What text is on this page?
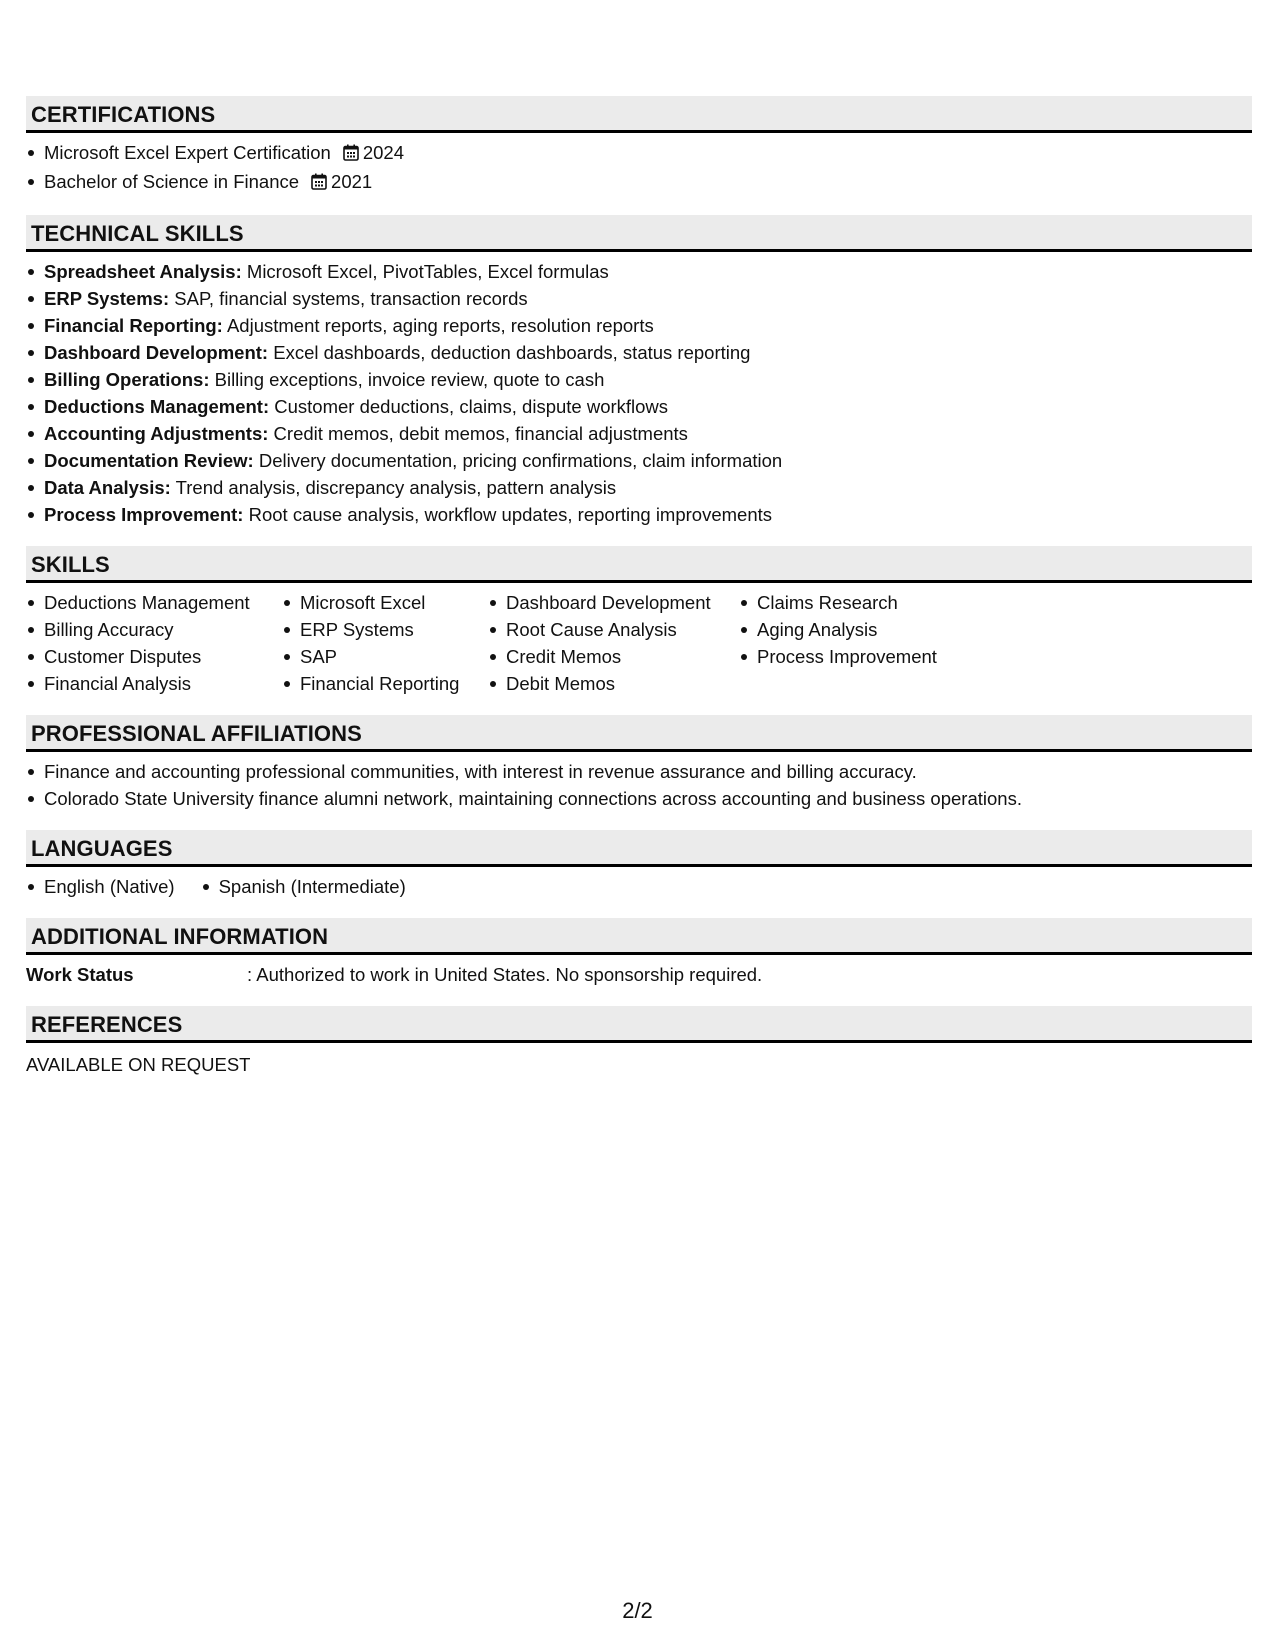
CERTIFICATIONS
Microsoft Excel Expert Certification 2024
Bachelor of Science in Finance 2021
TECHNICAL SKILLS
Spreadsheet Analysis: Microsoft Excel, PivotTables, Excel formulas
ERP Systems: SAP, financial systems, transaction records
Financial Reporting: Adjustment reports, aging reports, resolution reports
Dashboard Development: Excel dashboards, deduction dashboards, status reporting
Billing Operations: Billing exceptions, invoice review, quote to cash
Deductions Management: Customer deductions, claims, dispute workflows
Accounting Adjustments: Credit memos, debit memos, financial adjustments
Documentation Review: Delivery documentation, pricing confirmations, claim information
Data Analysis: Trend analysis, discrepancy analysis, pattern analysis
Process Improvement: Root cause analysis, workflow updates, reporting improvements
SKILLS
Deductions Management
Billing Accuracy
Customer Disputes
Financial Analysis
Microsoft Excel
ERP Systems
SAP
Financial Reporting
Dashboard Development
Root Cause Analysis
Credit Memos
Debit Memos
Claims Research
Aging Analysis
Process Improvement
PROFESSIONAL AFFILIATIONS
Finance and accounting professional communities, with interest in revenue assurance and billing accuracy.
Colorado State University finance alumni network, maintaining connections across accounting and business operations.
LANGUAGES
English (Native)	Spanish (Intermediate)
ADDITIONAL INFORMATION
Work Status	: Authorized to work in United States. No sponsorship required.
REFERENCES
AVAILABLE ON REQUEST
2/2
